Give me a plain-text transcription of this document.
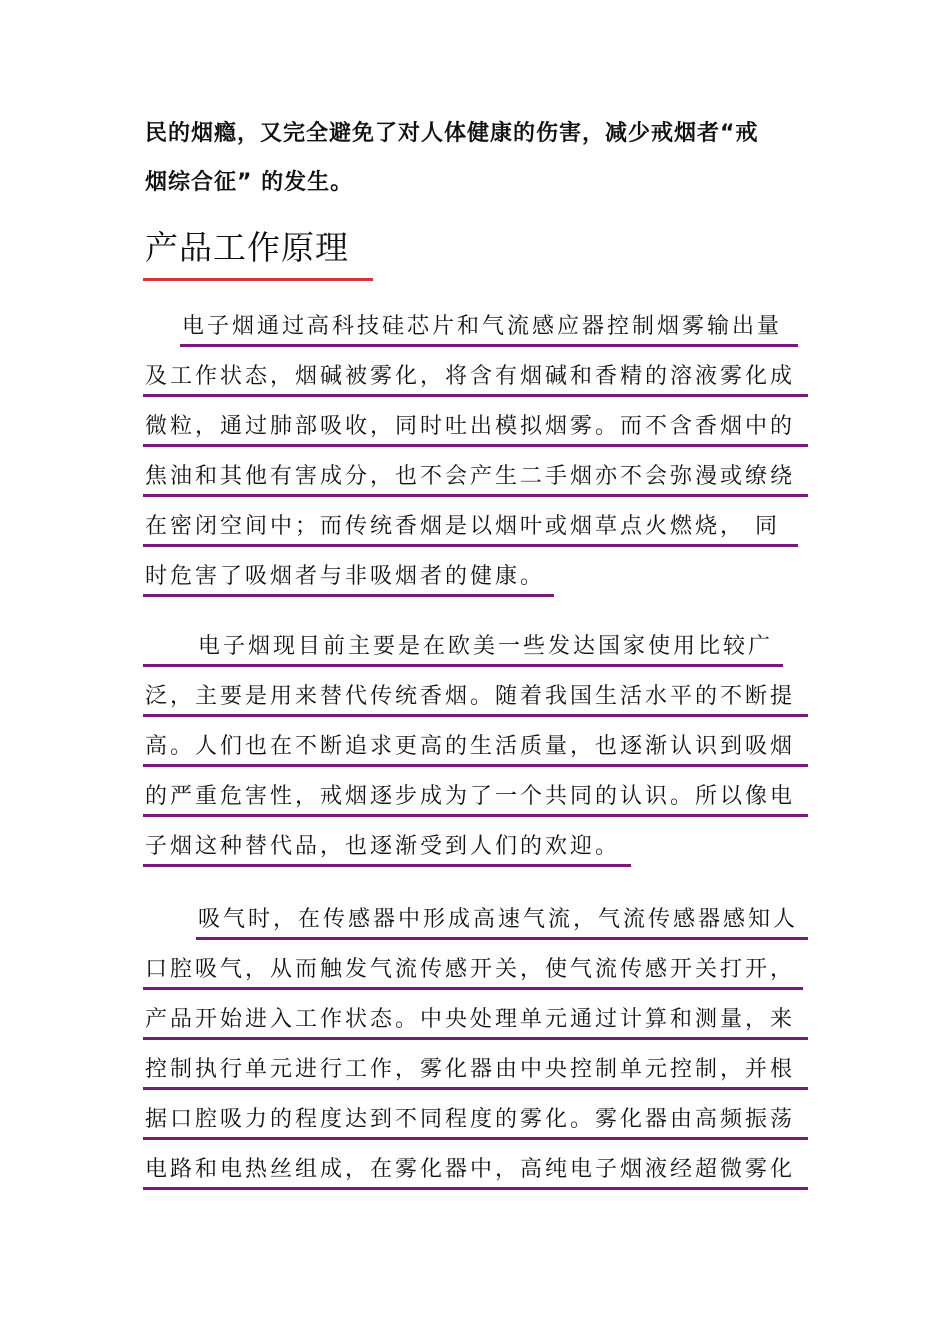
民的烟瘾，又完全避免了对人体健康的伤害，减少戒烟者“戒
烟综合征” 的发生。
产品工作原理
电子烟通过高科技硅芯片和气流感应器控制烟雾输出量
及工作状态，烟碱被雾化，将含有烟碱和香精的溶液雾化成
微粒，通过肺部吸收，同时吐出模拟烟雾。而不含香烟中的
焦油和其他有害成分，也不会产生二手烟亦不会弥漫或缭绕
在密闭空间中；而传统香烟是以烟叶或烟草点火燃烧， 同
时危害了吸烟者与非吸烟者的健康。
电子烟现目前主要是在欧美一些发达国家使用比较广
泛，主要是用来替代传统香烟。随着我国生活水平的不断提
高。人们也在不断追求更高的生活质量，也逐渐认识到吸烟
的严重危害性，戒烟逐步成为了一个共同的认识。所以像电
子烟这种替代品，也逐渐受到人们的欢迎。
吸气时，在传感器中形成高速气流，气流传感器感知人
口腔吸气，从而触发气流传感开关，使气流传感开关打开，
产品开始进入工作状态。中央处理单元通过计算和测量，来
控制执行单元进行工作，雾化器由中央控制单元控制，并根
据口腔吸力的程度达到不同程度的雾化。雾化器由高频振荡
电路和电热丝组成，在雾化器中，高纯电子烟液经超微雾化
